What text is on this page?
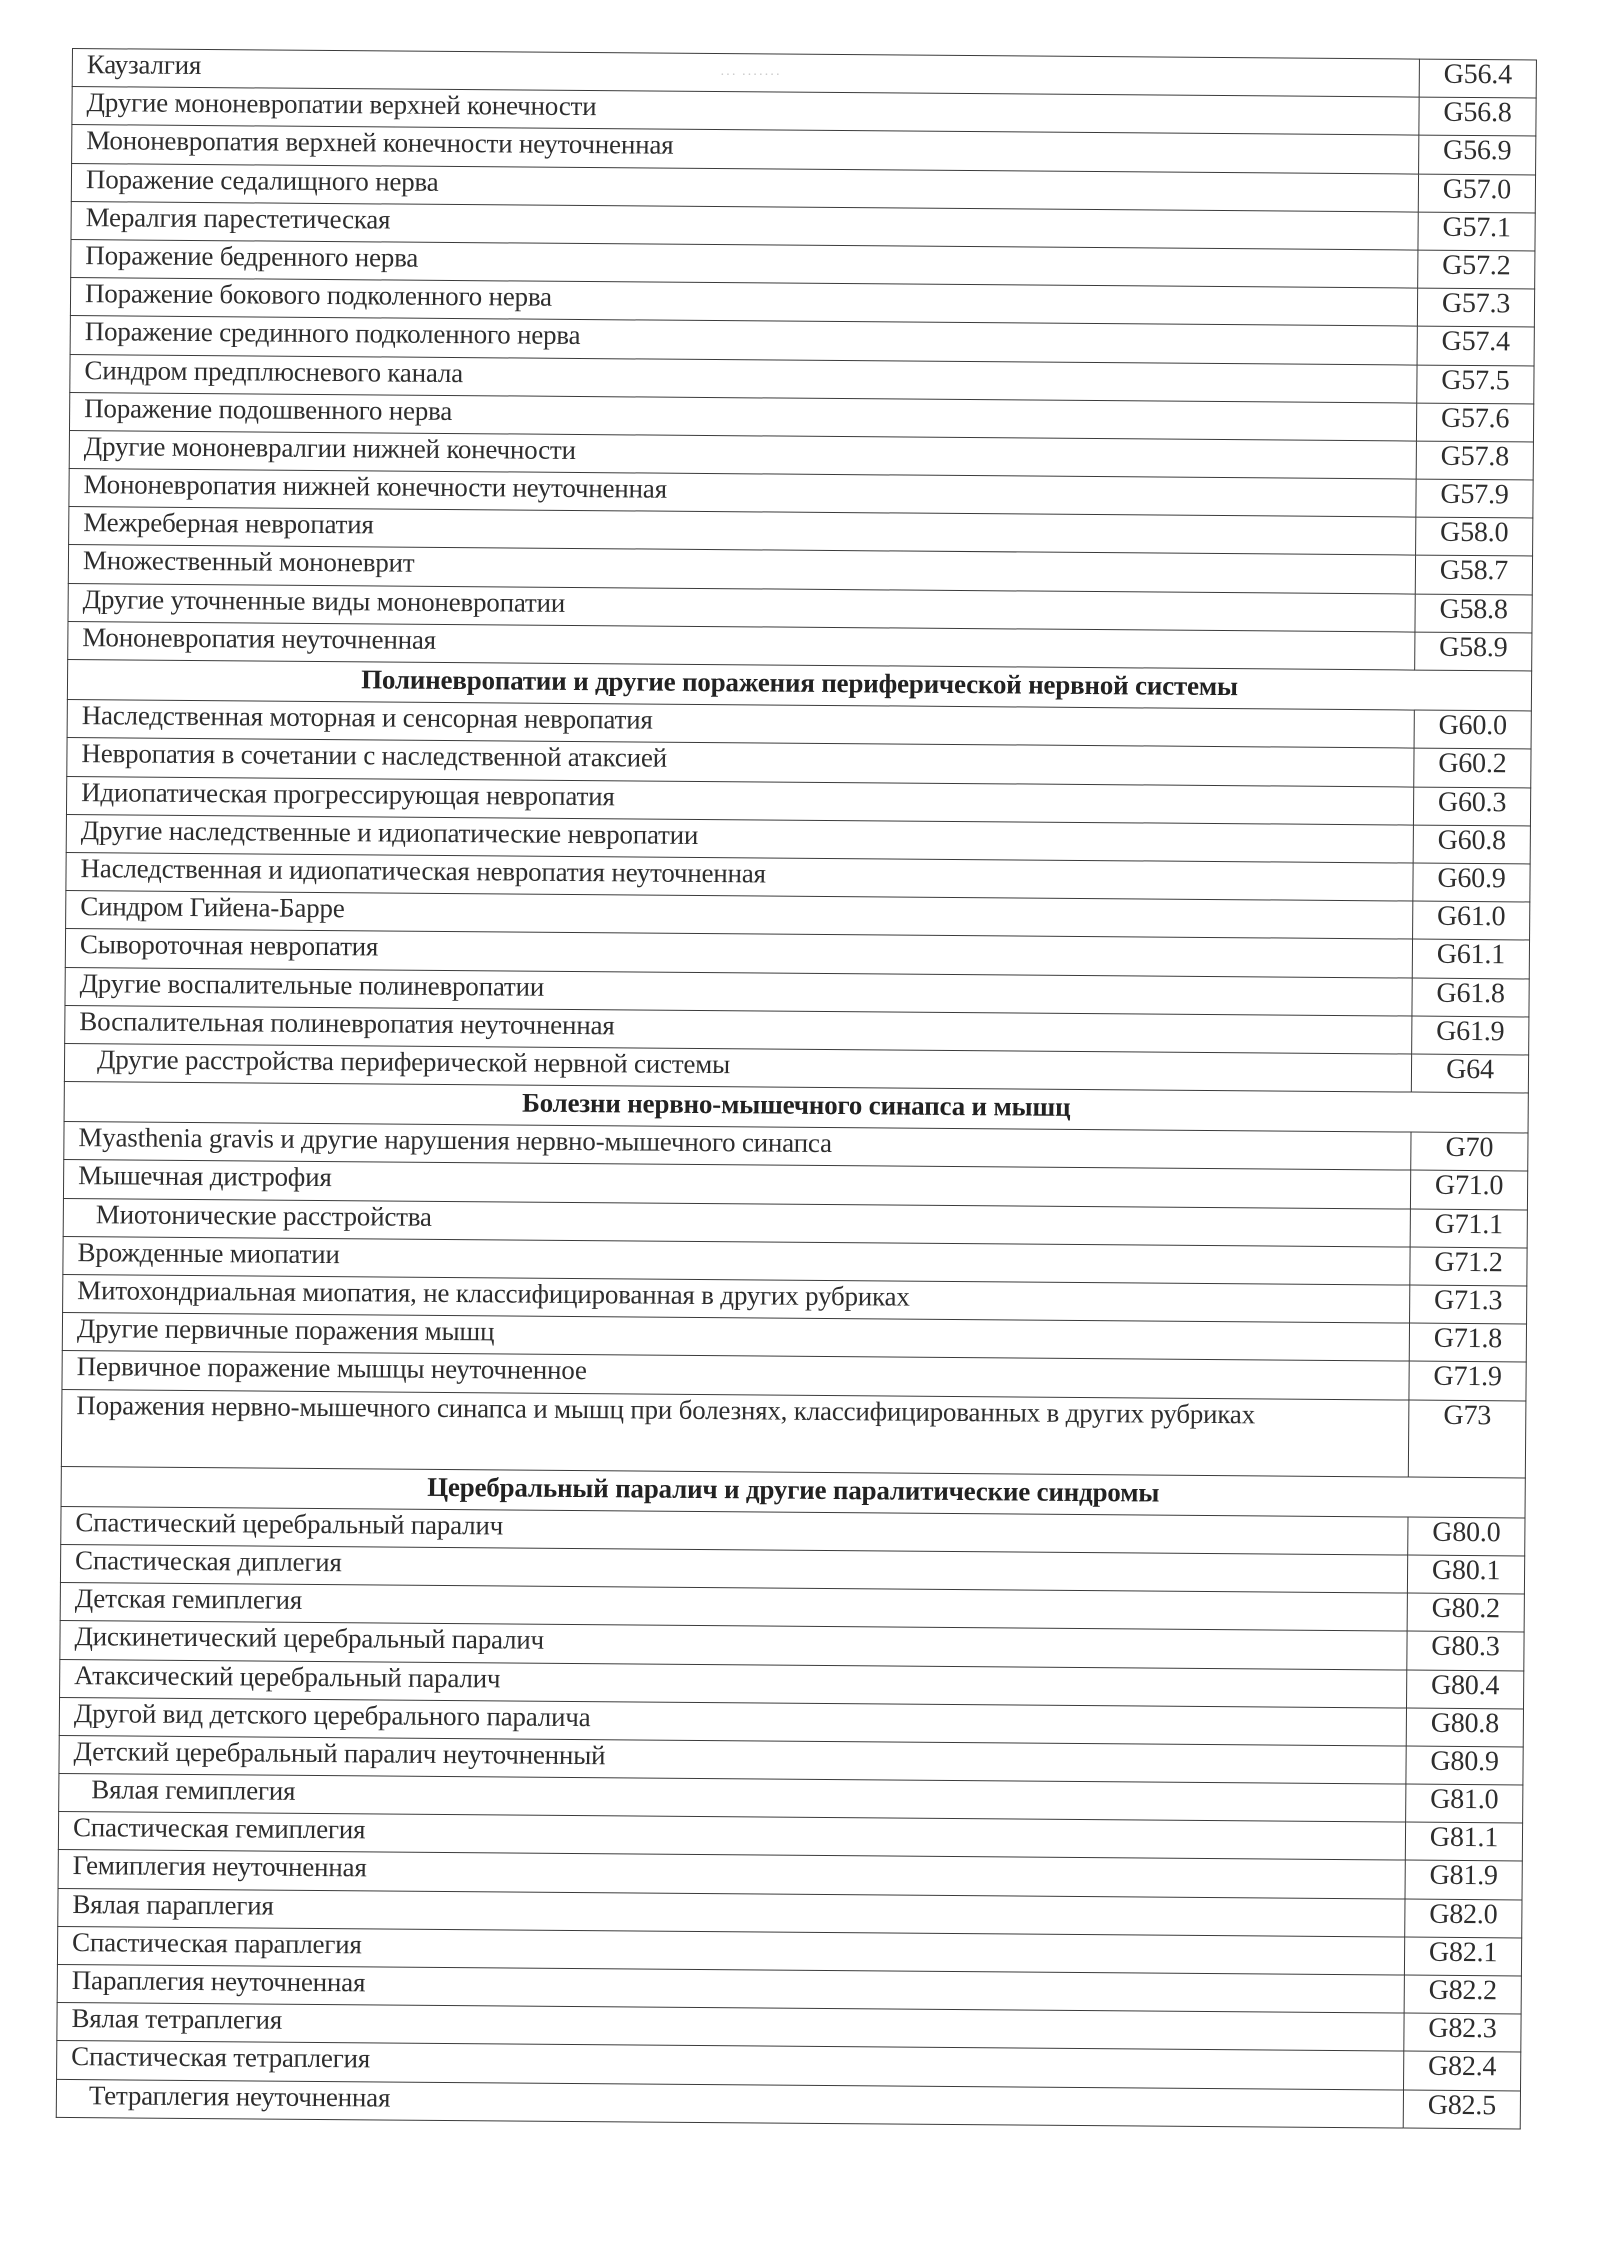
··· ·······
Каузалгия	G56.4
Другие мононевропатии верхней конечности	G56.8
Мононевропатия верхней конечности неуточненная	G56.9
Поражение седалищного нерва	G57.0
Мералгия парестетическая	G57.1
Поражение бедренного нерва	G57.2
Поражение бокового подколенного нерва	G57.3
Поражение срединного подколенного нерва	G57.4
Синдром предплюсневого канала	G57.5
Поражение подошвенного нерва	G57.6
Другие мононевралгии нижней конечности	G57.8
Мононевропатия нижней конечности неуточненная	G57.9
Межреберная невропатия	G58.0
Множественный мононеврит	G58.7
Другие уточненные виды мононевропатии	G58.8
Мононевропатия неуточненная	G58.9
Полиневропатии и другие поражения периферической нервной системы	
Наследственная моторная и сенсорная невропатия	G60.0
Невропатия в сочетании с наследственной атаксией	G60.2
Идиопатическая прогрессирующая невропатия	G60.3
Другие наследственные и идиопатические невропатии	G60.8
Наследственная и идиопатическая невропатия неуточненная	G60.9
Синдром Гийена-Барре	G61.0
Сывороточная невропатия	G61.1
Другие воспалительные полиневропатии	G61.8
Воспалительная полиневропатия неуточненная	G61.9
Другие расстройства периферической нервной системы	G64
Болезни нервно-мышечного синапса и мышц	
Myasthenia gravis и другие нарушения нервно-мышечного синапса	G70
Мышечная дистрофия	G71.0
Миотонические расстройства	G71.1
Врожденные миопатии	G71.2
Митохондриальная миопатия, не классифицированная в других рубриках	G71.3
Другие первичные поражения мышц	G71.8
Первичное поражение мышцы неуточненное	G71.9
Поражения нервно-мышечного синапса и мышц при болезнях, классифицированных в других рубриках	G73
Церебральный паралич и другие паралитические синдромы	
Спастический церебральный паралич	G80.0
Спастическая диплегия	G80.1
Детская гемиплегия	G80.2
Дискинетический церебральный паралич	G80.3
Атаксический церебральный паралич	G80.4
Другой вид детского церебрального паралича	G80.8
Детский церебральный паралич неуточненный	G80.9
Вялая гемиплегия	G81.0
Спастическая гемиплегия	G81.1
Гемиплегия неуточненная	G81.9
Вялая параплегия	G82.0
Спастическая параплегия	G82.1
Параплегия неуточненная	G82.2
Вялая тетраплегия	G82.3
Спастическая тетраплегия	G82.4
Тетраплегия неуточненная	G82.5
